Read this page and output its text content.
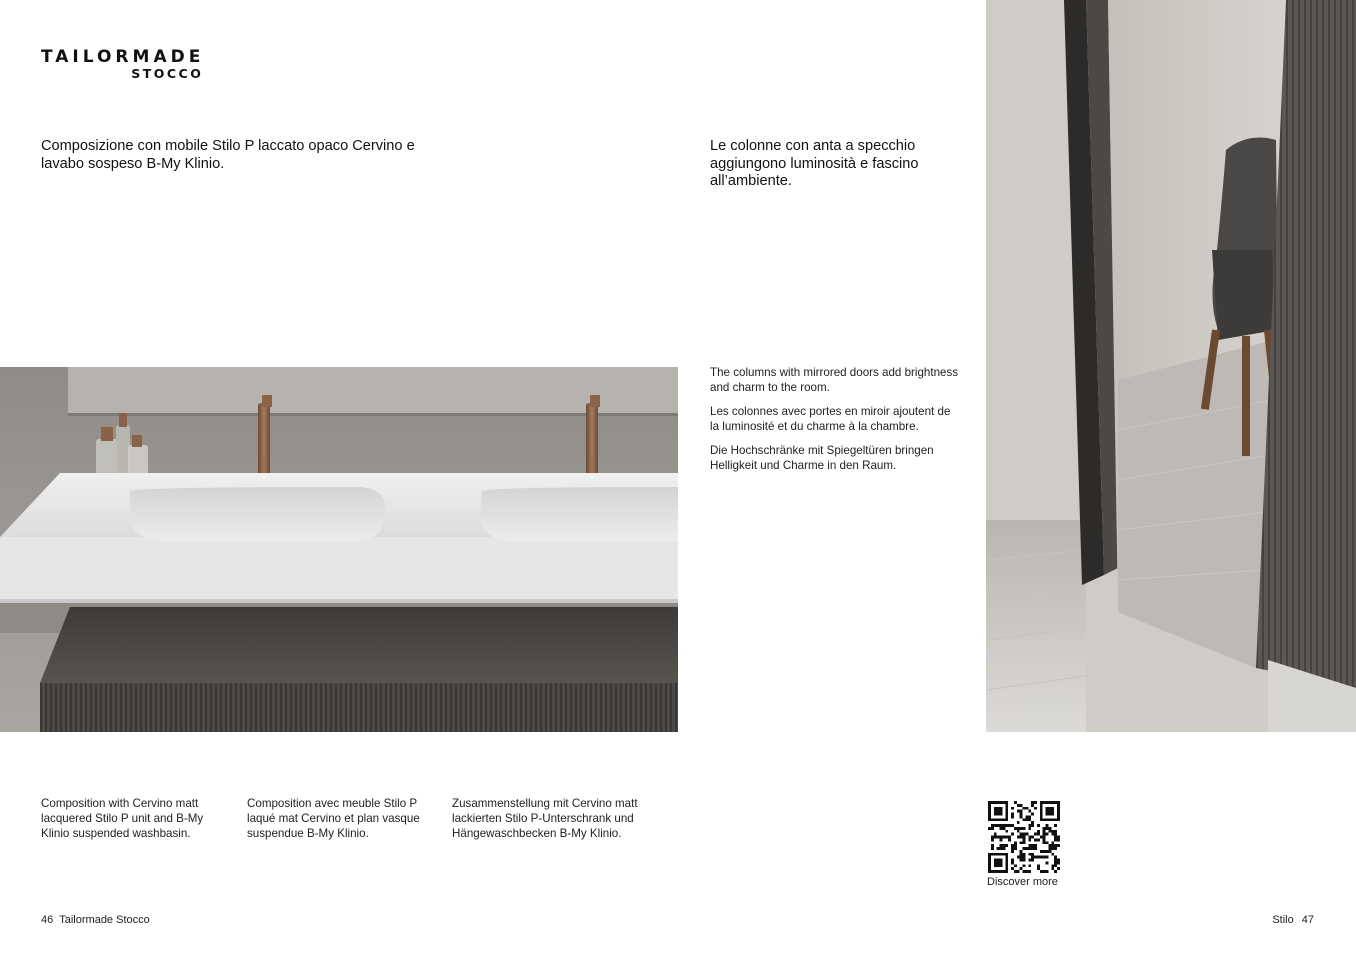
TAILORMADE
STOCCO

Composizione con mobile Stilo P laccato opaco Cervino e lavabo sospeso B-My Klinio.

Le colonne con anta a specchio aggiungono luminosità e fascino all’ambiente.

The columns with mirrored doors add brightness and charm to the room.

Les colonnes avec portes en miroir ajoutent de la luminosité et du charme à la chambre.

Die Hochschränke mit Spiegeltüren bringen Helligkeit und Charme in den Raum.

Composition with Cervino matt lacquered Stilo P unit and B-My Klinio suspended washbasin.

Composition avec meuble Stilo P laqué mat Cervino et plan vasque suspendue B-My Klinio.

Zusammenstellung mit Cervino matt lackierten Stilo P-Unterschrank und Hängewaschbecken B-My Klinio.

Discover more
46 Tailormade Stocco	Stilo 47
